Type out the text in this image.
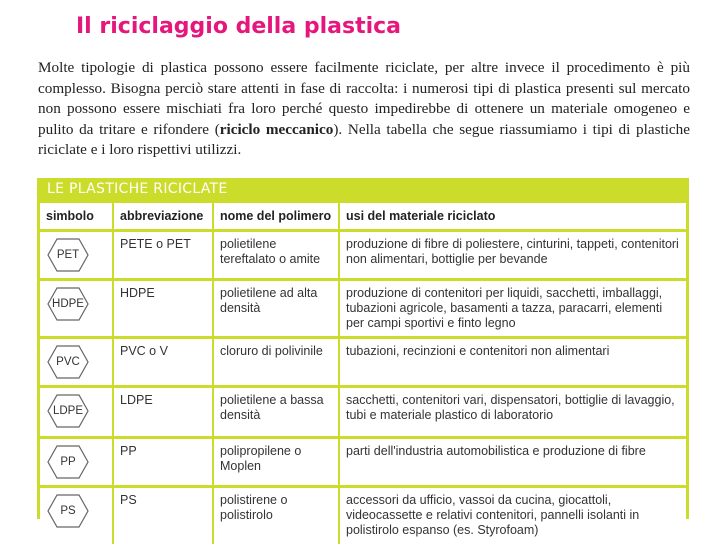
Il riciclaggio della plastica
Molte tipologie di plastica possono essere facilmente riciclate, per altre invece il procedimento è più complesso. Bisogna perciò stare attenti in fase di raccolta: i numerosi tipi di plastica presenti sul mercato non possono essere mischiati fra loro perché questo impedirebbe di ottenere un materiale omogeneo e pulito da tritare e rifondere (riciclo meccanico). Nella tabella che segue riassumiamo i tipi di plastiche riciclate e i loro rispettivi utilizzi.
LE PLASTICHE RICICLATE
simbolo	abbreviazione	nome del polimero	usi del materiale riciclato

PET	PETE o PET	polietilene tereftalato o amite	produzione di fibre di poliestere, cinturini, tappeti, contenitori non alimentari, bottiglie per bevande

HDPE	HDPE	polietilene ad alta densità	produzione di contenitori per liquidi, sacchetti, imballaggi, tubazioni agricole, basamenti a tazza, paracarri, elementi per campi sportivi e finto legno

PVC	PVC o V	cloruro di polivinile	tubazioni, recinzioni e contenitori non alimentari

LDPE	LDPE	polietilene a bassa densità	sacchetti, contenitori vari, dispensatori, bottiglie di lavaggio, tubi e materiale plastico di laboratorio

PP	PP	polipropilene o Moplen	parti dell'industria automobilistica e produzione di fibre

PS	PS	polistirene o polistirolo	accessori da ufficio, vassoi da cucina, giocattoli, videocassette e relativi contenitori, pannelli isolanti in polistirolo espanso (es. Styrofoam)
